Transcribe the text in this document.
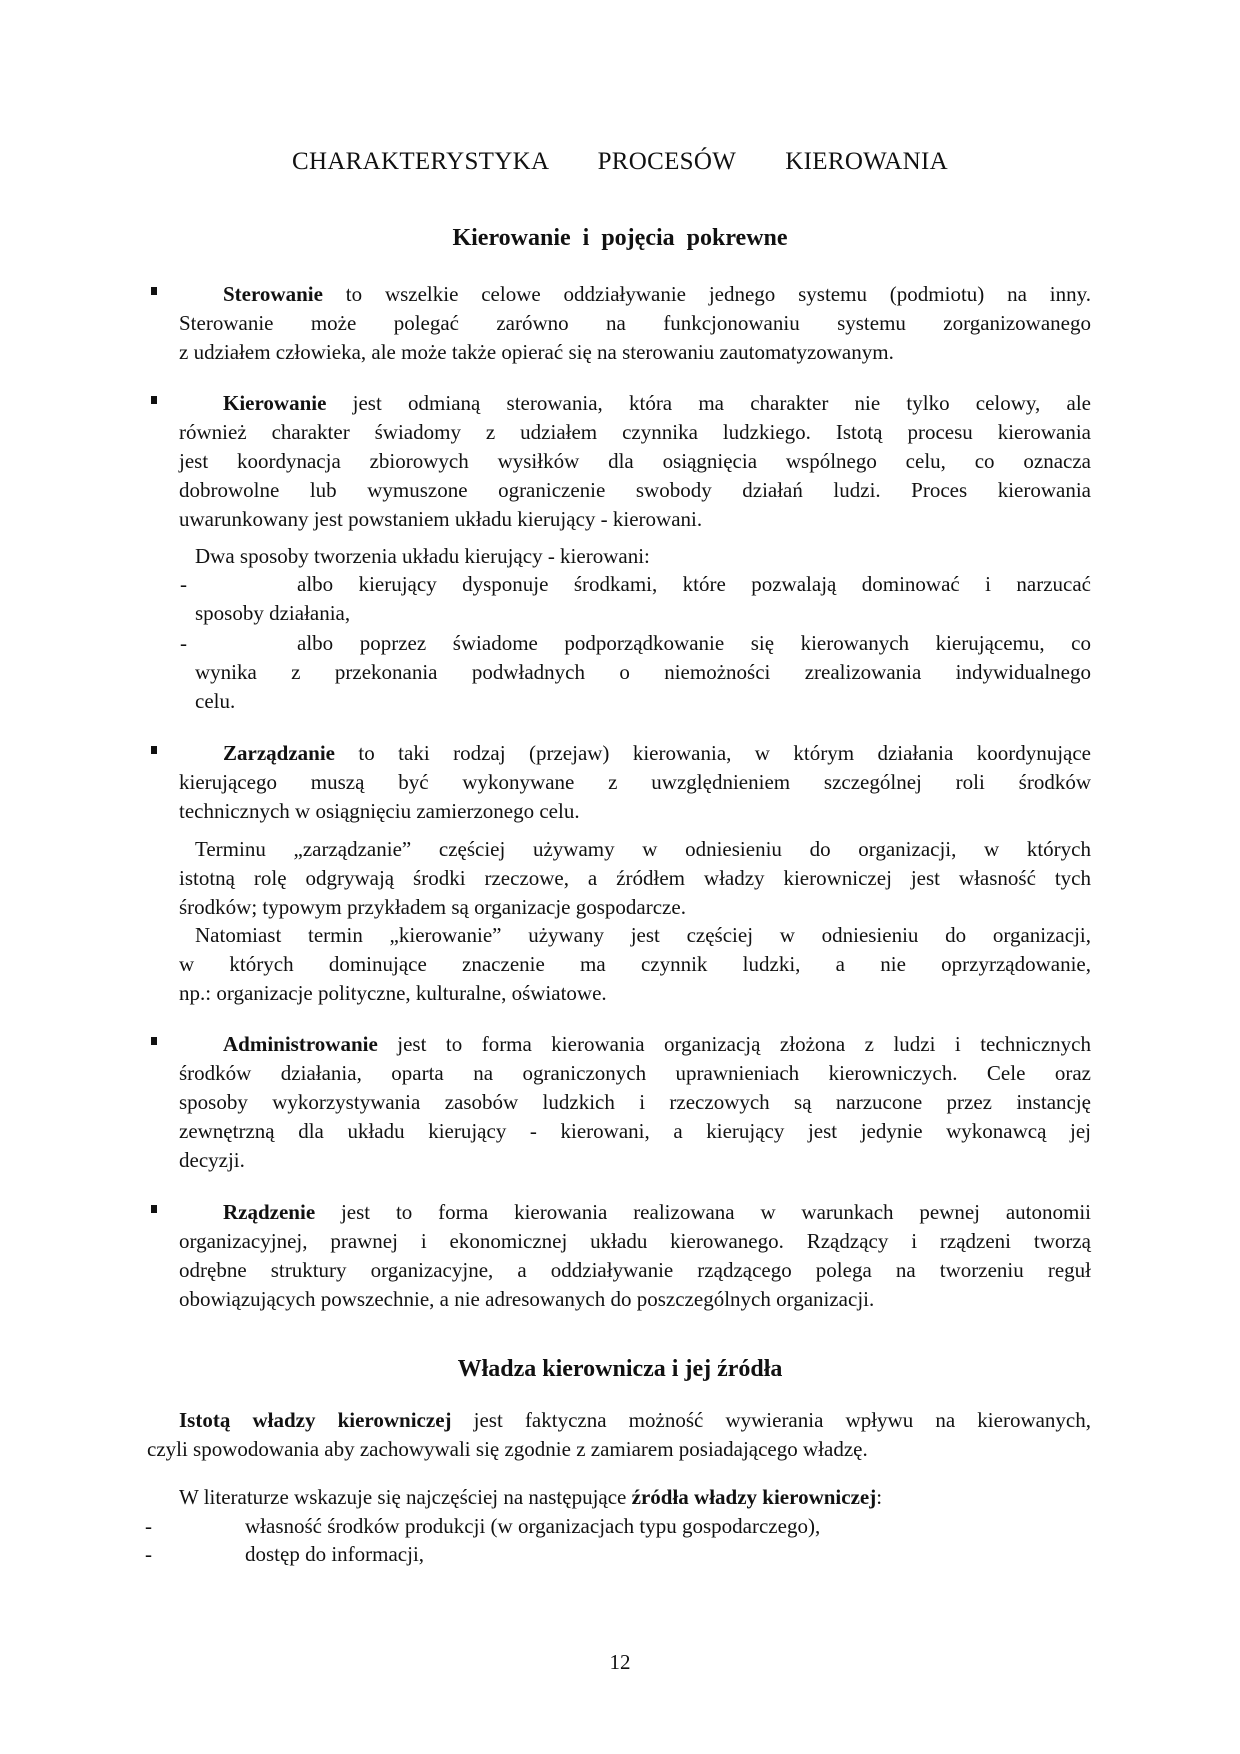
CHARAKTERYSTYKA   PROCESÓW   KIEROWANIA
Kierowanie  i  pojęcia  pokrewne
Sterowanie to wszelkie celowe oddziaływanie jednego systemu (podmiotu) na inny.
Sterowanie może polegać zarówno na funkcjonowaniu systemu zorganizowanego
z udziałem człowieka, ale może także opierać się na sterowaniu zautomatyzowanym.
Kierowanie jest odmianą sterowania, która ma charakter nie tylko celowy, ale
również charakter świadomy z udziałem czynnika ludzkiego. Istotą procesu kierowania
jest koordynacja zbiorowych wysiłków dla osiągnięcia wspólnego celu, co oznacza
dobrowolne lub wymuszone ograniczenie swobody działań ludzi. Proces kierowania
uwarunkowany jest powstaniem układu kierujący - kierowani.
Dwa sposoby tworzenia układu kierujący - kierowani:
-	albo kierujący dysponuje środkami, które pozwalają dominować i narzucać
sposoby działania,
-	albo poprzez świadome podporządkowanie się kierowanych kierującemu, co
wynika z przekonania podwładnych o niemożności zrealizowania indywidualnego
celu.
Zarządzanie to taki rodzaj (przejaw) kierowania, w którym działania koordynujące
kierującego muszą być wykonywane z uwzględnieniem szczególnej roli środków
technicznych w osiągnięciu zamierzonego celu.
Terminu „zarządzanie” częściej używamy w odniesieniu do organizacji, w których
istotną rolę odgrywają środki rzeczowe, a źródłem władzy kierowniczej jest własność tych
środków; typowym przykładem są organizacje gospodarcze.
Natomiast termin „kierowanie” używany jest częściej w odniesieniu do organizacji,
w których dominujące znaczenie ma czynnik ludzki, a nie oprzyrządowanie,
np.: organizacje polityczne, kulturalne, oświatowe.
Administrowanie jest to forma kierowania organizacją złożona z ludzi i technicznych
środków działania, oparta na ograniczonych uprawnieniach kierowniczych. Cele oraz
sposoby wykorzystywania zasobów ludzkich i rzeczowych są narzucone przez instancję
zewnętrzną dla układu kierujący - kierowani, a kierujący jest jedynie wykonawcą jej
decyzji.
Rządzenie jest to forma kierowania realizowana w warunkach pewnej autonomii
organizacyjnej, prawnej i ekonomicznej układu kierowanego. Rządzący i rządzeni tworzą
odrębne struktury organizacyjne, a oddziaływanie rządzącego polega na tworzeniu reguł
obowiązujących powszechnie, a nie adresowanych do poszczególnych organizacji.
Władza kierownicza i jej źródła
Istotą władzy kierowniczej jest faktyczna możność wywierania wpływu na kierowanych,
czyli spowodowania aby zachowywali się zgodnie z zamiarem posiadającego władzę.
W literaturze wskazuje się najczęściej na następujące źródła władzy kierowniczej:
-	własność środków produkcji (w organizacjach typu gospodarczego),
-	dostęp do informacji,
12
